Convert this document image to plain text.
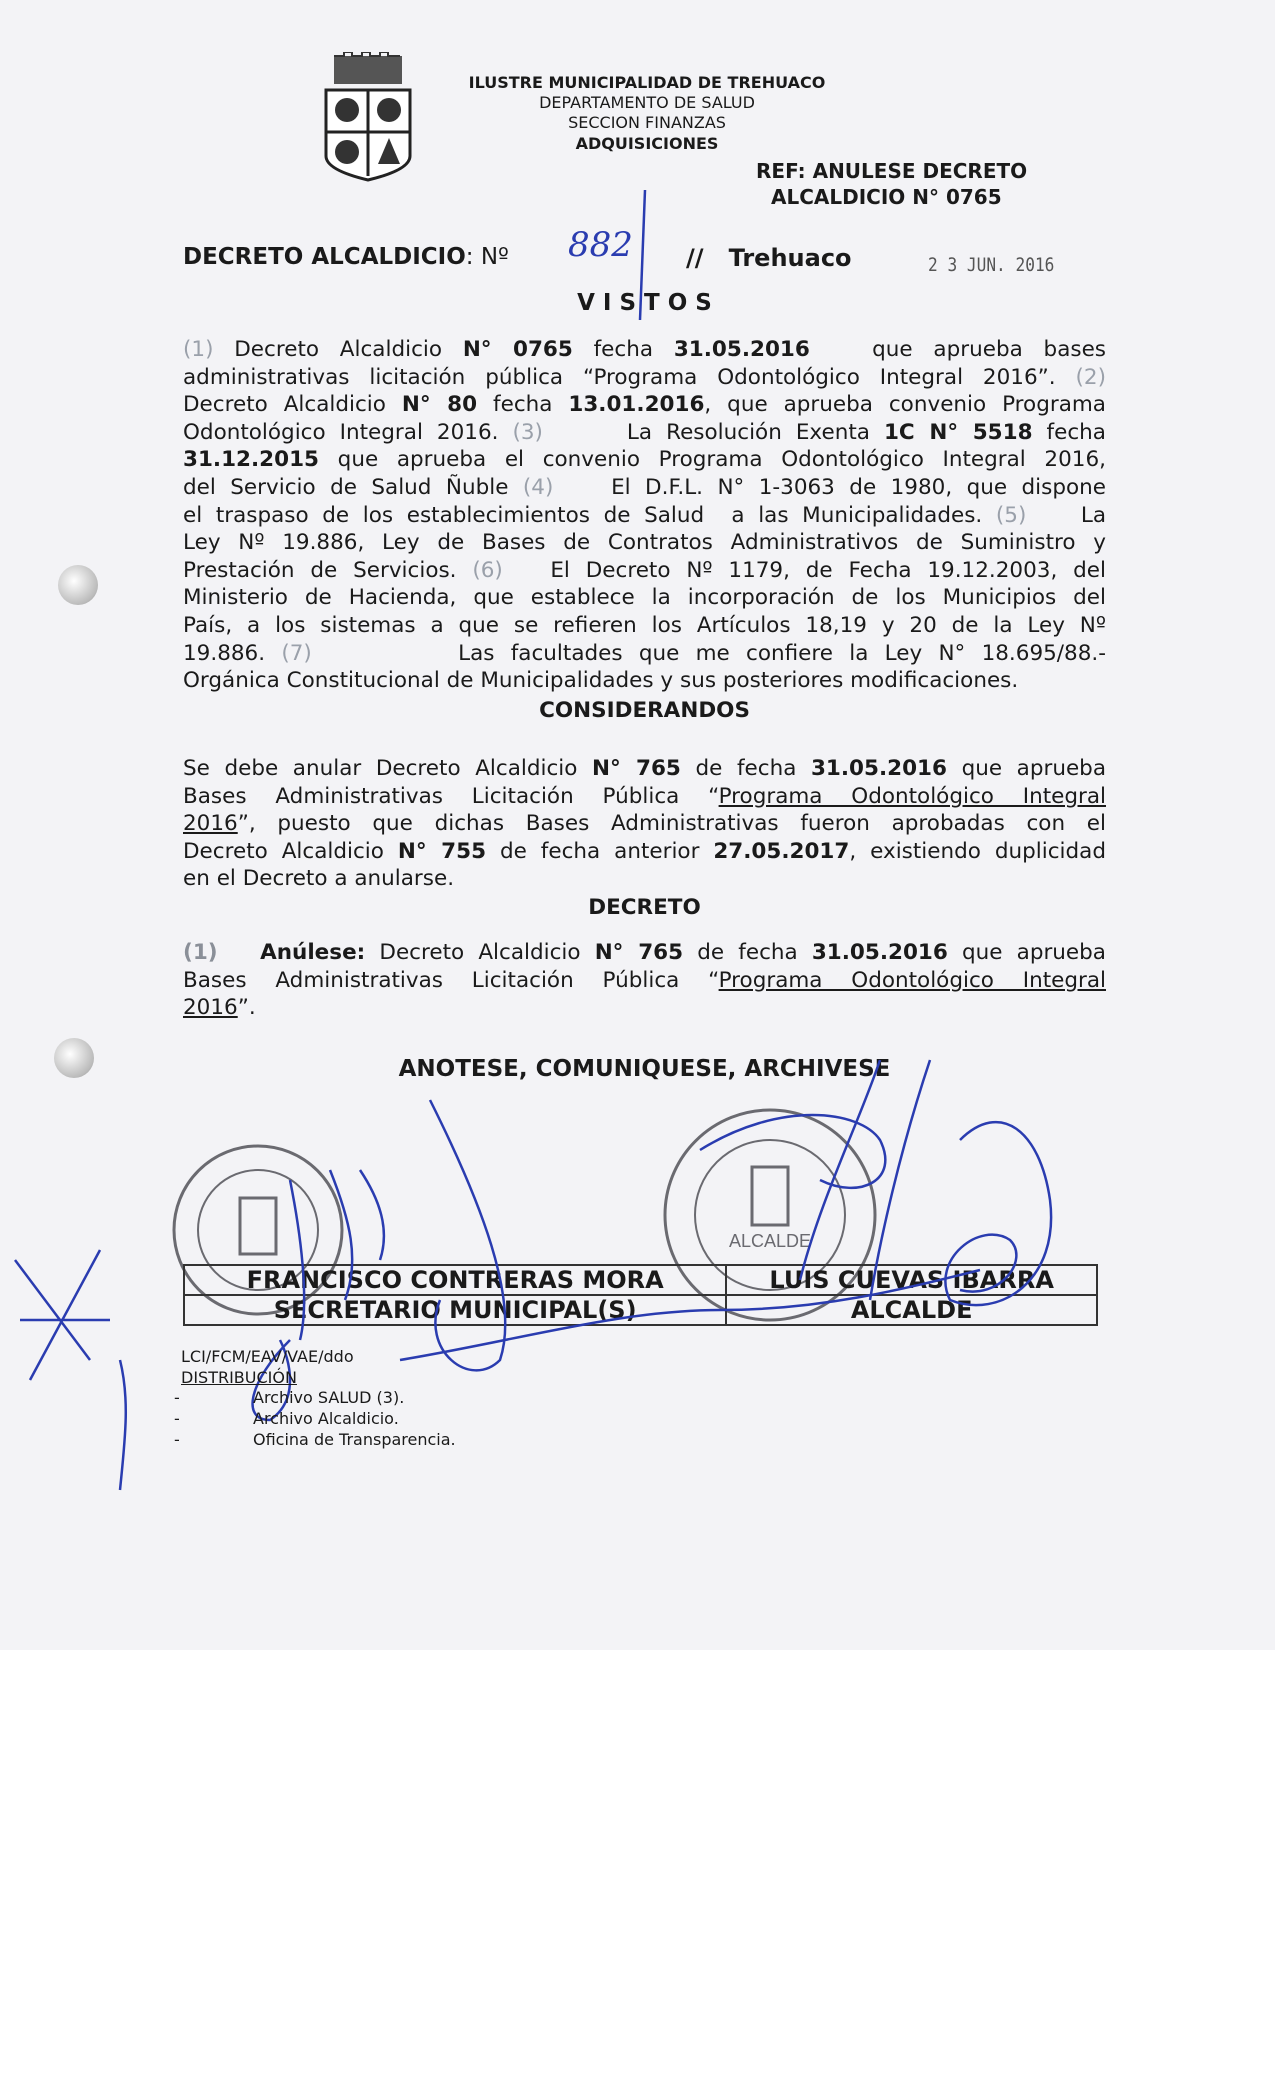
ILUSTRE MUNICIPALIDAD DE TREHUACO
DEPARTAMENTO DE SALUD
SECCION FINANZAS
ADQUISICIONES
REF: ANULESE DECRETO
ALCALDICIO N° 0765
DECRETO ALCALDICIO: Nº 882 // Trehuaco	2 3 JUN. 2016
V I S T O S
(1) Decreto Alcaldicio N° 0765 fecha 31.05.2016   que aprueba bases
administrativas licitación pública “Programa Odontológico Integral 2016”. (2)
Decreto Alcaldicio N° 80 fecha 13.01.2016, que aprueba convenio Programa
Odontológico Integral 2016. (3)      La Resolución Exenta 1C N° 5518 fecha
31.12.2015 que aprueba el convenio Programa Odontológico Integral 2016,
del Servicio de Salud Ñuble (4)    El D.F.L. N° 1-3063 de 1980, que dispone
el traspaso de los establecimientos de Salud  a las Municipalidades. (5)    La
Ley Nº 19.886, Ley de Bases de Contratos Administrativos de Suministro y
Prestación de Servicios. (6)   El Decreto Nº 1179, de Fecha 19.12.2003, del
Ministerio de Hacienda, que establece la incorporación de los Municipios del
País, a los sistemas a que se refieren los Artículos 18,19 y 20 de la Ley Nº
19.886. (7)         Las facultades que me confiere la Ley N° 18.695/88.-
Orgánica Constitucional de Municipalidades y sus posteriores modificaciones.
CONSIDERANDOS
Se debe anular Decreto Alcaldicio N° 765 de fecha 31.05.2016 que aprueba
Bases Administrativas Licitación Pública “Programa Odontológico Integral
2016”, puesto que dichas Bases Administrativas fueron aprobadas con el
Decreto Alcaldicio N° 755 de fecha anterior 27.05.2017, existiendo duplicidad
en el Decreto a anularse.
DECRETO
(1) Anúlese: Decreto Alcaldicio N° 765 de fecha 31.05.2016 que aprueba
Bases Administrativas Licitación Pública “Programa Odontológico Integral
2016”.
ANOTESE, COMUNIQUESE, ARCHIVESE
ALCALDE
FRANCISCO CONTRERAS MORA	LUIS CUEVAS IBARRA
SECRETARIO MUNICIPAL(S)	ALCALDE
LCI/FCM/EAV/VAE/ddo
DISTRIBUCIÓN
-	Archivo SALUD (3).
-	Archivo Alcaldicio.
-	Oficina de Transparencia.
